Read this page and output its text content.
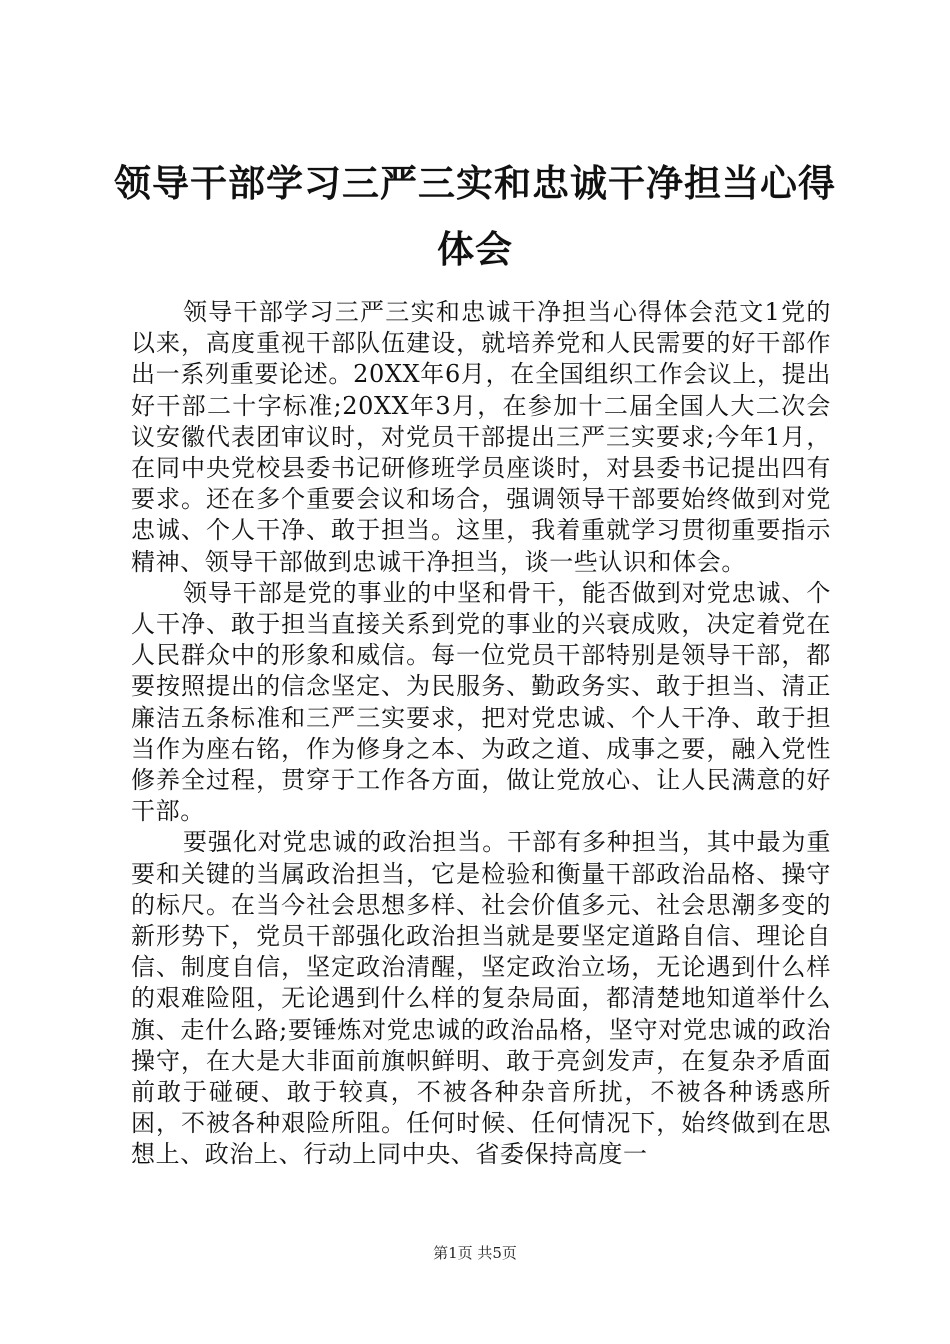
领导干部学习三严三实和忠诚干净担当心得体会

领导干部学习三严三实和忠诚干净担当心得体会范文1党的以来，高度重视干部队伍建设，就培养党和人民需要的好干部作出一系列重要论述。20XX年6月，在全国组织工作会议上，提出好干部二十字标准;20XX年3月，在参加十二届全国人大二次会议安徽代表团审议时，对党员干部提出三严三实要求;今年1月，在同中央党校县委书记研修班学员座谈时，对县委书记提出四有要求。还在多个重要会议和场合，强调领导干部要始终做到对党忠诚、个人干净、敢于担当。这里，我着重就学习贯彻重要指示精神、领导干部做到忠诚干净担当，谈一些认识和体会。

领导干部是党的事业的中坚和骨干，能否做到对党忠诚、个人干净、敢于担当直接关系到党的事业的兴衰成败，决定着党在人民群众中的形象和威信。每一位党员干部特别是领导干部，都要按照提出的信念坚定、为民服务、勤政务实、敢于担当、清正廉洁五条标准和三严三实要求，把对党忠诚、个人干净、敢于担当作为座右铭，作为修身之本、为政之道、成事之要，融入党性修养全过程，贯穿于工作各方面，做让党放心、让人民满意的好干部。

要强化对党忠诚的政治担当。干部有多种担当，其中最为重要和关键的当属政治担当，它是检验和衡量干部政治品格、操守的标尺。在当今社会思想多样、社会价值多元、社会思潮多变的新形势下，党员干部强化政治担当就是要坚定道路自信、理论自信、制度自信，坚定政治清醒，坚定政治立场，无论遇到什么样的艰难险阻，无论遇到什么样的复杂局面，都清楚地知道举什么旗、走什么路;要锤炼对党忠诚的政治品格，坚守对党忠诚的政治操守，在大是大非面前旗帜鲜明、敢于亮剑发声，在复杂矛盾面前敢于碰硬、敢于较真，不被各种杂音所扰，不被各种诱惑所困，不被各种艰险所阻。任何时候、任何情况下，始终做到在思想上、政治上、行动上同中央、省委保持高度一

第1页 共5页
